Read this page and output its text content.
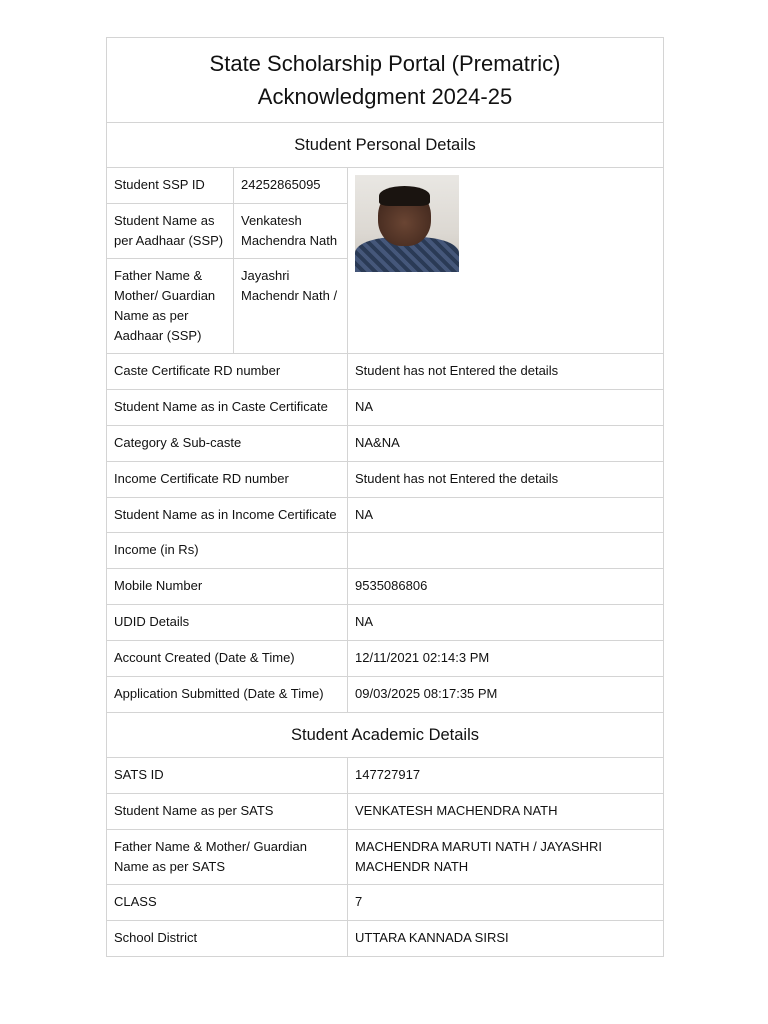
State Scholarship Portal (Prematric)
Acknowledgment 2024-25		

Student Personal Details		
Student SSP ID	24252865095	

Student Name as per Aadhaar (SSP)	Venkatesh Machendra Nath	
Father Name & Mother/ Guardian Name as per Aadhaar (SSP)	Jayashri Machendr Nath /	
Caste Certificate RD number		Student has not Entered the details
Student Name as in Caste Certificate		NA
Category & Sub-caste		NA&NA
Income Certificate RD number		Student has not Entered the details
Student Name as in Income Certificate		NA
Income (in Rs)		
Mobile Number		9535086806
UDID Details		NA
Account Created (Date & Time)		12/11/2021 02:14:3 PM
Application Submitted (Date & Time)		09/03/2025 08:17:35 PM
Student Academic Details		
SATS ID		147727917
Student Name as per SATS		VENKATESH MACHENDRA NATH
Father Name & Mother/ Guardian Name as per SATS		MACHENDRA MARUTI NATH / JAYASHRI MACHENDR NATH
CLASS		7
School District		UTTARA KANNADA SIRSI
